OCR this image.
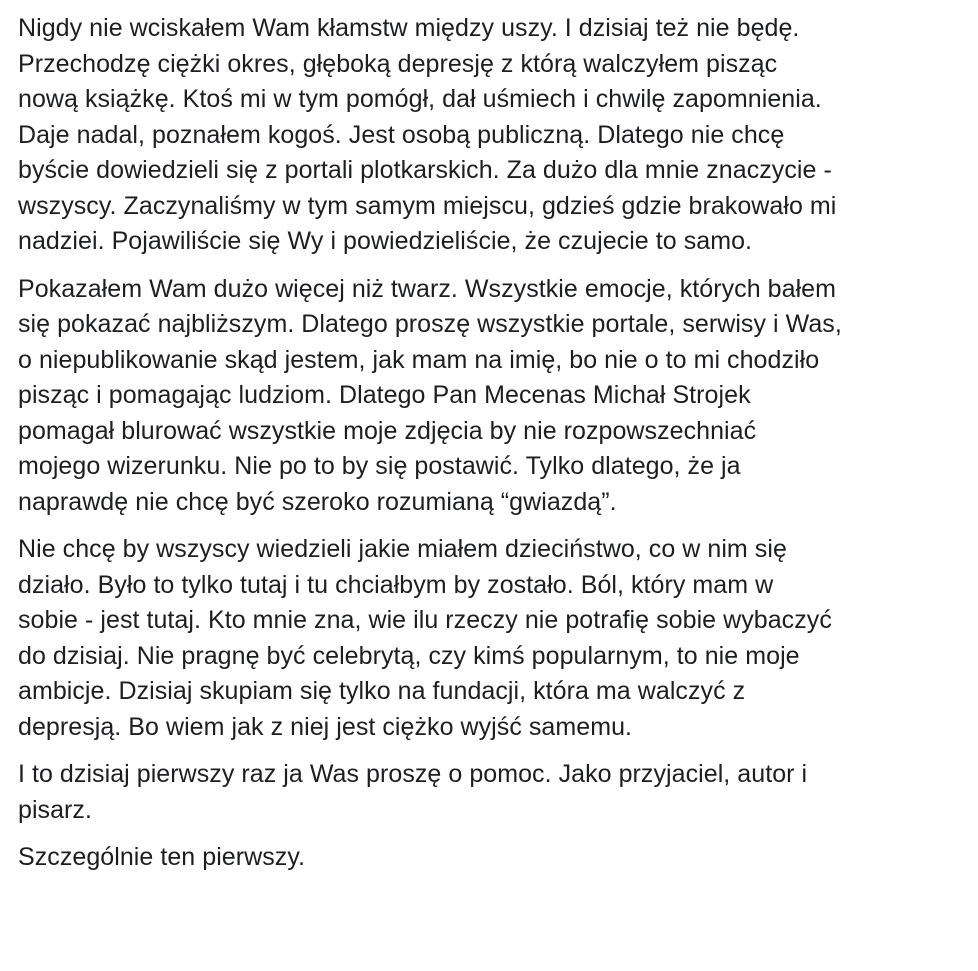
Nigdy nie wciskałem Wam kłamstw między uszy. I dzisiaj też nie będę.
Przechodzę ciężki okres, głęboką depresję z którą walczyłem pisząc
nową książkę. Ktoś mi w tym pomógł, dał uśmiech i chwilę zapomnienia.
Daje nadal, poznałem kogoś. Jest osobą publiczną. Dlatego nie chcę
byście dowiedzieli się z portali plotkarskich. Za dużo dla mnie znaczycie -
wszyscy. Zaczynaliśmy w tym samym miejscu, gdzieś gdzie brakowało mi
nadziei. Pojawiliście się Wy i powiedzieliście, że czujecie to samo.

Pokazałem Wam dużo więcej niż twarz. Wszystkie emocje, których bałem
się pokazać najbliższym. Dlatego proszę wszystkie portale, serwisy i Was,
o niepublikowanie skąd jestem, jak mam na imię, bo nie o to mi chodziło
pisząc i pomagając ludziom. Dlatego Pan Mecenas Michał Strojek
pomagał blurować wszystkie moje zdjęcia by nie rozpowszechniać
mojego wizerunku. Nie po to by się postawić. Tylko dlatego, że ja
naprawdę nie chcę być szeroko rozumianą “gwiazdą”.

Nie chcę by wszyscy wiedzieli jakie miałem dzieciństwo, co w nim się
działo. Było to tylko tutaj i tu chciałbym by zostało. Ból, który mam w
sobie - jest tutaj. Kto mnie zna, wie ilu rzeczy nie potrafię sobie wybaczyć
do dzisiaj. Nie pragnę być celebrytą, czy kimś popularnym, to nie moje
ambicje. Dzisiaj skupiam się tylko na fundacji, która ma walczyć z
depresją. Bo wiem jak z niej jest ciężko wyjść samemu.

I to dzisiaj pierwszy raz ja Was proszę o pomoc. Jako przyjaciel, autor i
pisarz.

Szczególnie ten pierwszy.
